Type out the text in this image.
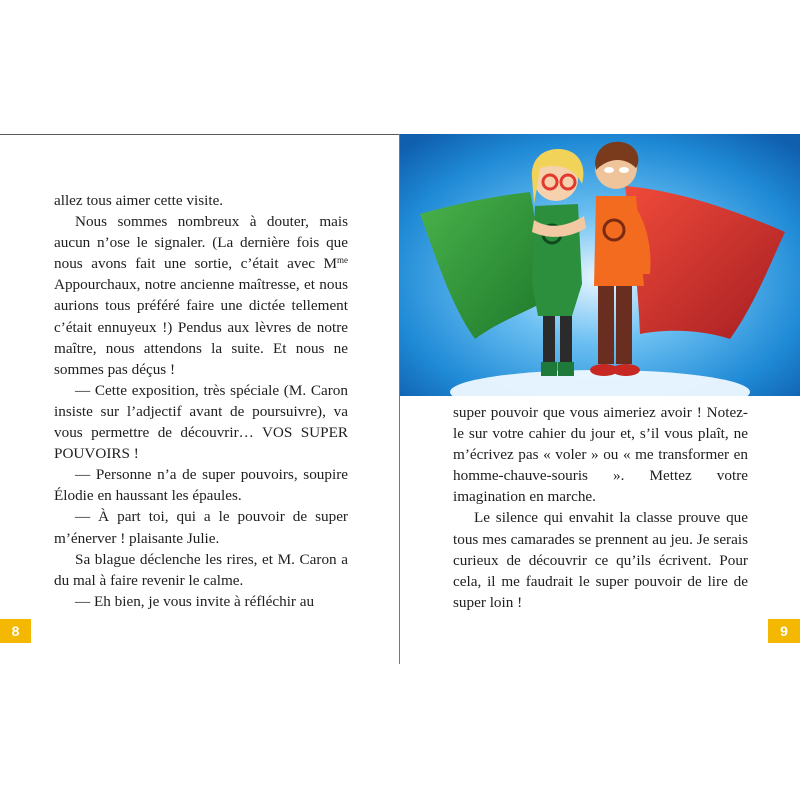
allez tous aimer cette visite.

Nous sommes nombreux à douter, mais aucun n’ose le signaler. (La dernière fois que nous avons fait une sortie, c’était avec $M^{me}$ Appourchaux, notre ancienne maîtresse, et nous aurions tous préféré faire une dictée tellement c’était ennuyeux !) Pendus aux lèvres de notre maître, nous attendons la suite. Et nous ne sommes pas déçus !

— Cette exposition, très spéciale (M. Caron insiste sur l’adjectif avant de poursuivre), va vous permettre de découvrir… VOS SUPER POUVOIRS !

— Personne n’a de super pouvoirs, soupire Élodie en haussant les épaules.

— À part toi, qui a le pouvoir de super m’énerver ! plaisante Julie.

Sa blague déclenche les rires, et M. Caron a du mal à faire revenir le calme.

— Eh bien, je vous invite à réfléchir au

8

super pouvoir que vous aimeriez avoir ! Notez-le sur votre cahier du jour et, s’il vous plaît, ne m’écrivez pas « voler » ou « me transformer en homme-chauve-souris ». Mettez votre imagination en marche.

Le silence qui envahit la classe prouve que tous mes camarades se prennent au jeu. Je serais curieux de découvrir ce qu’ils écrivent. Pour cela, il me faudrait le super pouvoir de lire de super loin !

9
